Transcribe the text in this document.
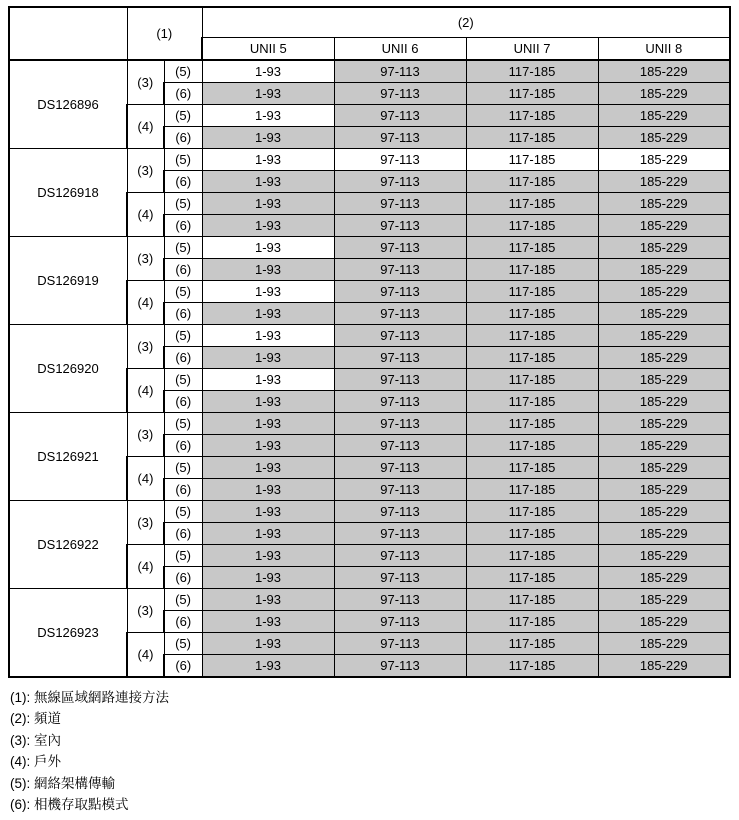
	(1)		(2)			
			UNII 5	UNII 6	UNII 7	UNII 8
DS126896	(3)	(5)	1-93	97-113	117-185	185-229
		(6)	1-93	97-113	117-185	185-229
	(4)	(5)	1-93	97-113	117-185	185-229
		(6)	1-93	97-113	117-185	185-229
DS126918	(3)	(5)	1-93	97-113	117-185	185-229
		(6)	1-93	97-113	117-185	185-229
	(4)	(5)	1-93	97-113	117-185	185-229
		(6)	1-93	97-113	117-185	185-229
DS126919	(3)	(5)	1-93	97-113	117-185	185-229
		(6)	1-93	97-113	117-185	185-229
	(4)	(5)	1-93	97-113	117-185	185-229
		(6)	1-93	97-113	117-185	185-229
DS126920	(3)	(5)	1-93	97-113	117-185	185-229
		(6)	1-93	97-113	117-185	185-229
	(4)	(5)	1-93	97-113	117-185	185-229
		(6)	1-93	97-113	117-185	185-229
DS126921	(3)	(5)	1-93	97-113	117-185	185-229
		(6)	1-93	97-113	117-185	185-229
	(4)	(5)	1-93	97-113	117-185	185-229
		(6)	1-93	97-113	117-185	185-229
DS126922	(3)	(5)	1-93	97-113	117-185	185-229
		(6)	1-93	97-113	117-185	185-229
	(4)	(5)	1-93	97-113	117-185	185-229
		(6)	1-93	97-113	117-185	185-229
DS126923	(3)	(5)	1-93	97-113	117-185	185-229
		(6)	1-93	97-113	117-185	185-229
	(4)	(5)	1-93	97-113	117-185	185-229
		(6)	1-93	97-113	117-185	185-229
(1): 無線區域網路連接方法
(2): 頻道
(3): 室內
(4): 戶外
(5): 網絡架構傳輸
(6): 相機存取點模式
